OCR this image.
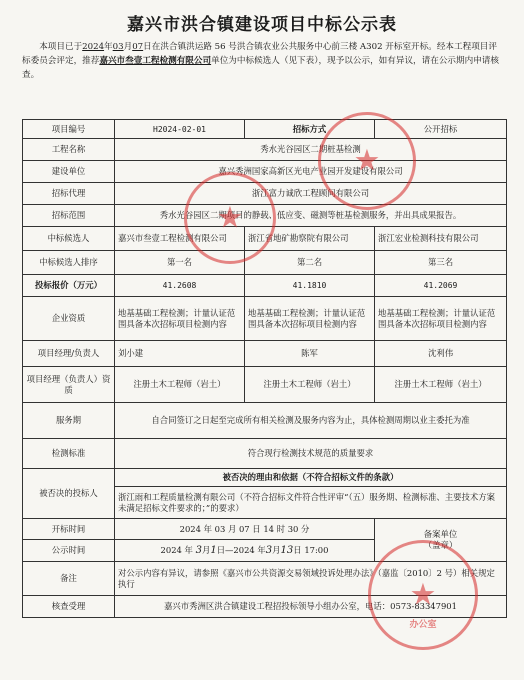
嘉兴市洪合镇建设项目中标公示表
本项目已于2024年03月07日在洪合镇洪运路 56 号洪合镇农业公共服务中心前三楼 A302 开标室开标。经本工程项目评标委员会评定，推荐嘉兴市叁壹工程检测有限公司单位为中标候选人（见下表），现予以公示，如有异议，请在公示期内申请核查。
项目编号	H2024-02-01	招标方式	公开招标
工程名称	秀水光谷园区二期桩基检测		
建设单位	嘉兴秀洲国家高新区光电产业园开发建设有限公司		
招标代理	浙江富力诚欣工程顾问有限公司		
招标范围	秀水光谷园区二期项目的静载、低应变、磁测等桩基检测服务，并出具成果报告。		
中标候选人	嘉兴市叁壹工程检测有限公司	浙江省地矿勘察院有限公司	浙江宏业检测科技有限公司
中标候选人排序	第一名	第二名	第三名
投标报价（万元）	41.2608	41.1810	41.2069
企业资质	地基基础工程检测；计量认证范围具备本次招标项目检测内容	地基基础工程检测；计量认证范围具备本次招标项目检测内容	地基基础工程检测；计量认证范围具备本次招标项目检测内容
项目经理/负责人	刘小建	陈军	沈利伟
项目经理（负责人）资质	注册土木工程师（岩土）	注册土木工程师（岩土）	注册土木工程师（岩土）
服务期	自合同签订之日起至完成所有相关检测及服务内容为止，具体检测周期以业主委托为准		
检测标准	符合现行检测技术规范的质量要求		
被否决的投标人	被否决的理由和依据（不符合招标文件的条款）		
	浙江雨和工程质量检测有限公司（不符合招标文件符合性评审“（五）服务期、检测标准、主要技术方案未满足招标文件要求的；”的要求）		
开标时间	2024 年 03 月 07 日 14 时 30 分		备案单位
（盖章）
公示时间	2024 年 3月1日—2024 年3月13日 17:00		
备注	对公示内容有异议，请参照《嘉兴市公共资源交易领域投诉处理办法》（嘉监〔2010〕2 号）相关规定执行		
核查受理	嘉兴市秀洲区洪合镇建设工程招投标领导小组办公室，电话：0573-83347901		
★
★
★
办公室
